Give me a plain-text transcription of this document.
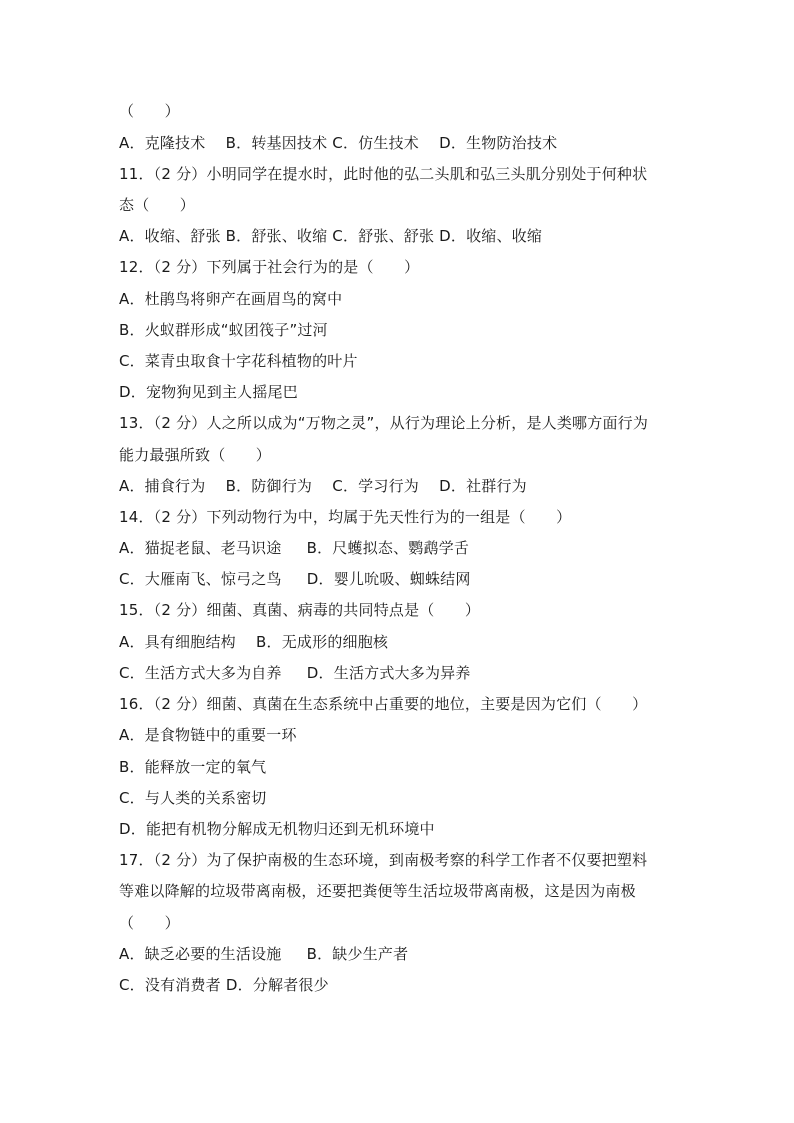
（　　）
A．克隆技术　 B．转基因技术 C．仿生技术 　D．生物防治技术
11．（2 分）小明同学在提水时，此时他的弘二头肌和弘三头肌分别处于何种状
态（　　）
A．收缩、舒张 B．舒张、收缩 C．舒张、舒张 D．收缩、收缩
12．（2 分）下列属于社会行为的是（　　）
A．杜鹃鸟将卵产在画眉鸟的窝中
B．火蚁群形成“蚁团筏子”过河
C．菜青虫取食十字花科植物的叶片
D．宠物狗见到主人摇尾巴
13．（2 分）人之所以成为“万物之灵”，从行为理论上分析，是人类哪方面行为
能力最强所致（　　）
A．捕食行为 　B．防御行为 　C．学习行为 　D．社群行为
14．（2 分）下列动物行为中，均属于先天性行为的一组是（　　）
A．猫捉老鼠、老马识途 　 B．尺蠖拟态、鹦鹉学舌
C．大雁南飞、惊弓之鸟 　 D．婴儿吮吸、蜘蛛结网
15．（2 分）细菌、真菌、病毒的共同特点是（　　）
A．具有细胞结构 　B．无成形的细胞核
C．生活方式大多为自养 　 D．生活方式大多为异养
16．（2 分）细菌、真菌在生态系统中占重要的地位，主要是因为它们（　　）
A．是食物链中的重要一环
B．能释放一定的氧气
C．与人类的关系密切
D．能把有机物分解成无机物归还到无机环境中
17．（2 分）为了保护南极的生态环境，到南极考察的科学工作者不仅要把塑料
等难以降解的垃圾带离南极，还要把粪便等生活垃圾带离南极，这是因为南极
（　　）
A．缺乏必要的生活设施 　 B．缺少生产者
C．没有消费者 D．分解者很少
